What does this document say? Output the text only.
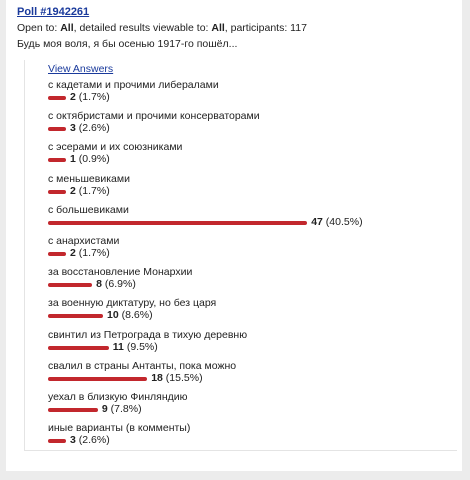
Poll #1942261
Open to: All, detailed results viewable to: All, participants: 117
Будь моя воля, я бы осенью 1917-го пошёл...
View Answers
с кадетами и прочими либералами
2 (1.7%)
с октябристами и прочими консерваторами
3 (2.6%)
с эсерами и их союзниками
1 (0.9%)
с меньшевиками
2 (1.7%)
с большевиками
47 (40.5%)
с анархистами
2 (1.7%)
за восстановление Монархии
8 (6.9%)
за военную диктатуру, но без царя
10 (8.6%)
свинтил из Петрограда в тихую деревню
11 (9.5%)
свалил в страны Антанты, пока можно
18 (15.5%)
уехал в близкую Финляндию
9 (7.8%)
иные варианты (в комменты)
3 (2.6%)
